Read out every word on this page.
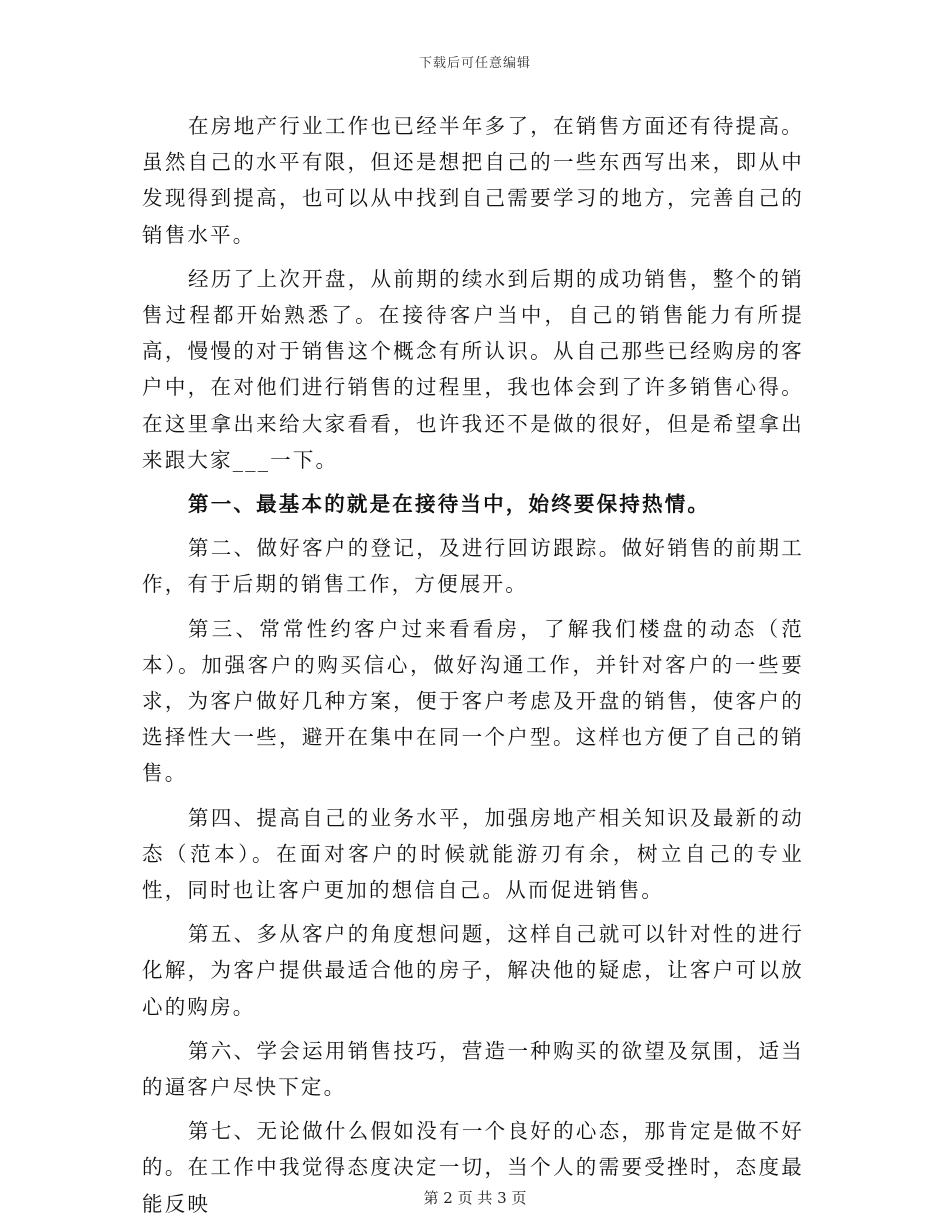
下载后可任意编辑

在房地产行业工作也已经半年多了，在销售方面还有待提高。虽然自己的水平有限，但还是想把自己的一些东西写出来，即从中发现得到提高，也可以从中找到自己需要学习的地方，完善自己的销售水平。

经历了上次开盘，从前期的续水到后期的成功销售，整个的销售过程都开始熟悉了。在接待客户当中，自己的销售能力有所提高，慢慢的对于销售这个概念有所认识。从自己那些已经购房的客户中，在对他们进行销售的过程里，我也体会到了许多销售心得。在这里拿出来给大家看看，也许我还不是做的很好，但是希望拿出来跟大家___一下。

第一、最基本的就是在接待当中，始终要保持热情。

第二、做好客户的登记，及进行回访跟踪。做好销售的前期工作，有于后期的销售工作，方便展开。

第三、常常性约客户过来看看房，了解我们楼盘的动态（范本）。加强客户的购买信心，做好沟通工作，并针对客户的一些要求，为客户做好几种方案，便于客户考虑及开盘的销售，使客户的选择性大一些，避开在集中在同一个户型。这样也方便了自己的销售。

第四、提高自己的业务水平，加强房地产相关知识及最新的动态（范本）。在面对客户的时候就能游刃有余，树立自己的专业性，同时也让客户更加的想信自己。从而促进销售。

第五、多从客户的角度想问题，这样自己就可以针对性的进行化解，为客户提供最适合他的房子，解决他的疑虑，让客户可以放心的购房。

第六、学会运用销售技巧，营造一种购买的欲望及氛围，适当的逼客户尽快下定。

第七、无论做什么假如没有一个良好的心态，那肯定是做不好的。在工作中我觉得态度决定一切，当个人的需要受挫时，态度最能反映	第 2 页 共 3 页
